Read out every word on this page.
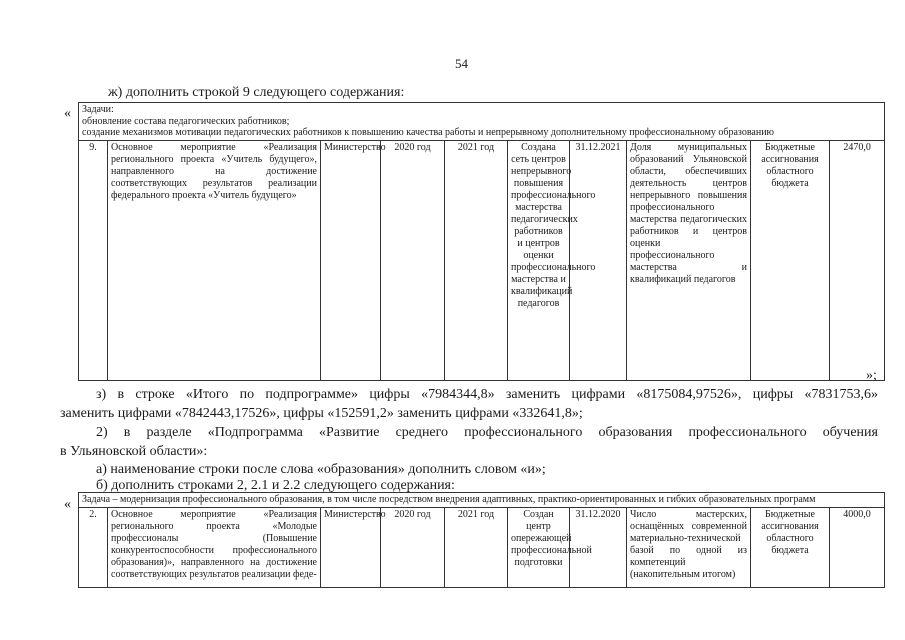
54
ж) дополнить строкой 9 следующего содержания:
« Задачи:
обновление состава педагогических работников;
создание механизмов мотивации педагогических работников к повышению качества работы и непрерывному дополнительному профессиональному образованию

9.	Основное мероприятие «Реализация регионального проекта «Учитель будущего», направленного на достижение соответствующих результатов реализации федерального проекта «Учитель будущего»	Министерство	2020 год	2021 год	Создана сеть центров непрерывного повышения профессионального мастерства педагогических работников и центров оценки профессионального мастерства и квалификаций педагогов	31.12.2021	Доля муниципальных образований Ульяновской области, обеспечивших деятельность центров непрерывного повышения профессионального мастерства педагогических работников и центров оценки профессионального мастерства и квалификаций педагогов	Бюджетные ассигнования областного бюджета	2470,0
»;
з) в строке «Итого по подпрограмме» цифры «7984344,8» заменить цифрами «8175084,97526», цифры «7831753,6»
заменить цифрами «7842443,17526», цифры «152591,2» заменить цифрами «332641,8»;
2) в разделе «Подпрограмма «Развитие среднего профессионального образования профессионального обучения
в Ульяновской области»:
а) наименование строки после слова «образования» дополнить словом «и»;
б) дополнить строками 2, 2.1 и 2.2 следующего содержания:
« Задача – модернизация профессионального образования, в том числе посредством внедрения адаптивных, практико-ориентированных и гибких образовательных программ
2.	Основное мероприятие «Реализация регионального проекта «Молодые профессионалы (Повышение конкурентоспособности профессионального образования)», направленного на достижение соответствующих результатов реализации феде-	Министерство	2020 год	2021 год	Создан центр опережающей профессиональной подготовки	31.12.2020	Число мастерских, оснащённых современной материально-технической базой по одной из компетенций (накопительным итогом)	Бюджетные ассигнования областного бюджета	4000,0
